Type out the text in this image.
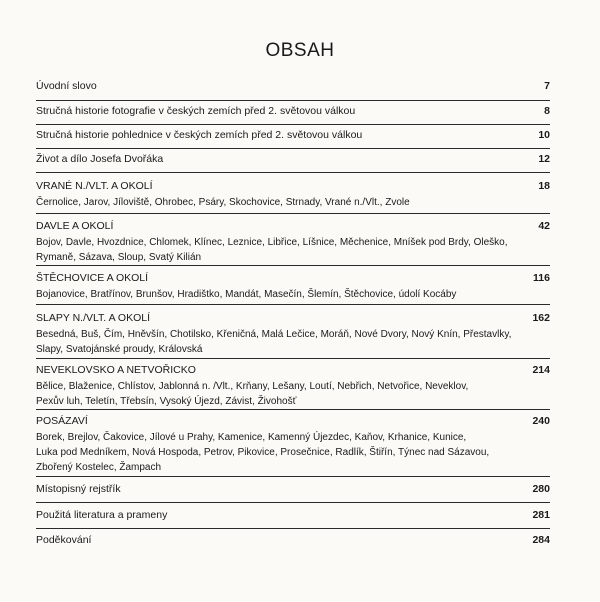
OBSAH
Úvodní slovo	7
Stručná historie fotografie v českých zemích před 2. světovou válkou	8
Stručná historie pohlednice v českých zemích před 2. světovou válkou	10
Život a dílo Josefa Dvořáka	12
VRANÉ N./VLT. A OKOLÍ	18
Černolice, Jarov, Jíloviště, Ohrobec, Psáry, Skochovice, Strnady, Vrané n./Vlt., Zvole
DAVLE A OKOLÍ	42
Bojov, Davle, Hvozdnice, Chlomek, Klínec, Leznice, Libřice, Líšnice, Měchenice, Mníšek pod Brdy, Oleško,
Rymaně, Sázava, Sloup, Svatý Kilián
ŠTĚCHOVICE A OKOLÍ	116
Bojanovice, Bratřínov, Brunšov, Hradištko, Mandát, Masečín, Šlemín, Štěchovice, údolí Kocáby
SLAPY N./VLT. A OKOLÍ	162
Besedná, Buš, Čím, Hněvšín, Chotilsko, Křeničná, Malá Lečice, Moráň, Nové Dvory, Nový Knín, Přestavlky,
Slapy, Svatojánské proudy, Královská
NEVEKLOVSKO A NETVOŘICKO	214
Bělice, Blaženice, Chlístov, Jablonná n. /Vlt., Krňany, Lešany, Loutí, Nebřich, Netvořice, Neveklov,
Pexův luh, Teletín, Třebsín, Vysoký Újezd, Závist, Živohošť
POSÁZAVÍ	240
Borek, Brejlov, Čakovice, Jílové u Prahy, Kamenice, Kamenný Újezdec, Kaňov, Krhanice, Kunice,
Luka pod Medníkem, Nová Hospoda, Petrov, Pikovice, Prosečnice, Radlík, Štiřín, Týnec nad Sázavou,
Zbořený Kostelec, Žampach
Místopisný rejstřík	280
Použitá literatura a prameny	281
Poděkování	284
